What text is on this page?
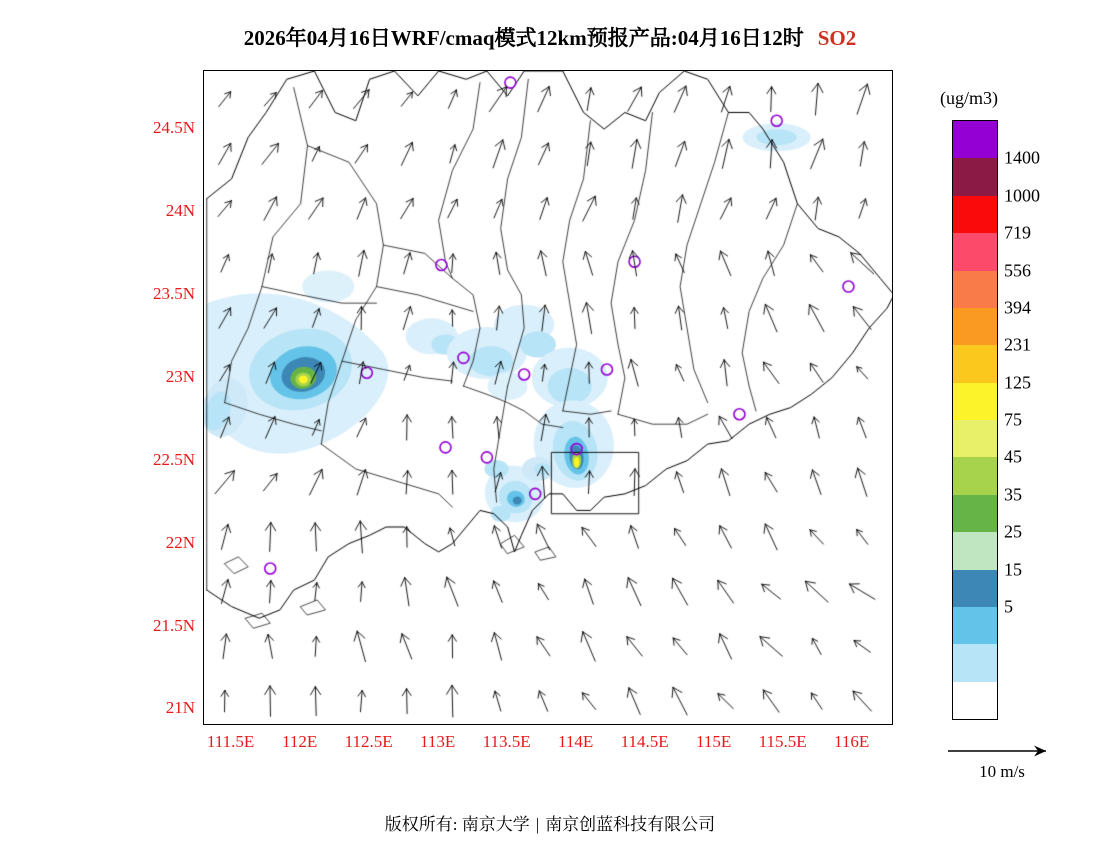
2026年04月16日WRF/cmaq模式12km预报产品:04月16日12时 SO2
21N
21.5N
22N
22.5N
23N
23.5N
24N
24.5N
111.5E	112E	112.5E	113E	113.5E	114E	114.5E	115E	115.5E	116E
(ug/m3)
1400
1000
719
556
394
231
125
75
45
35
25
15
5
10 m/s
版权所有: 南京大学 | 南京创蓝科技有限公司
